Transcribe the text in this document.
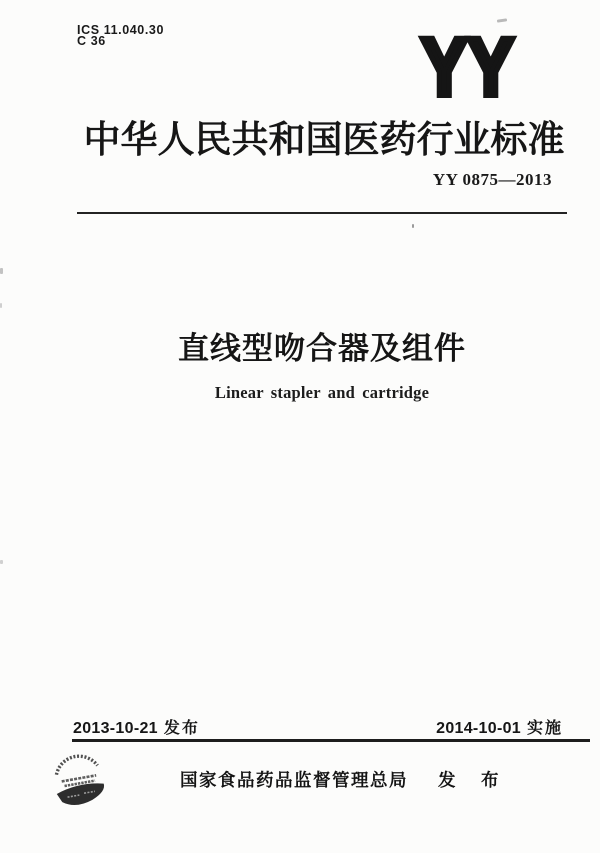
ICS 11.040.30
C 36	YY
中华人民共和国医药行业标准
YY 0875—2013
直线型吻合器及组件
Linear stapler and cartridge
2013-10-21 发布	2014-10-01 实施
国家食品药品监督管理总局 发 布
